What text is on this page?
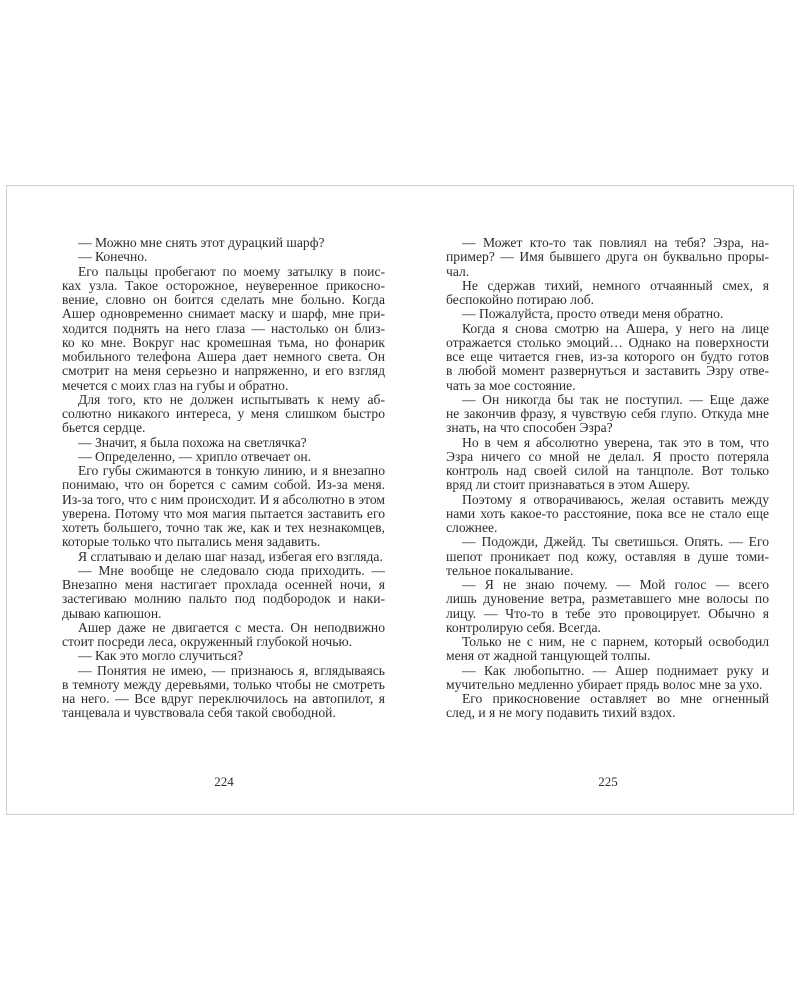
— Можно мне снять этот дурацкий шарф?
— Конечно.
Его пальцы пробегают по моему затылку в поис-
ках узла. Такое осторожное, неуверенное прикосно-
вение, словно он боится сделать мне больно. Когда
Ашер одновременно снимает маску и шарф, мне при-
ходится поднять на него глаза — настолько он близ-
ко ко мне. Вокруг нас кромешная тьма, но фонарик
мобильного телефона Ашера дает немного света. Он
смотрит на меня серьезно и напряженно, и его взгляд
мечется с моих глаз на губы и обратно.
Для того, кто не должен испытывать к нему аб-
солютно никакого интереса, у меня слишком быстро
бьется сердце.
— Значит, я была похожа на светлячка?
— Определенно, — хрипло отвечает он.
Его губы сжимаются в тонкую линию, и я внезапно
понимаю, что он борется с самим собой. Из-за меня.
Из-за того, что с ним происходит. И я абсолютно в этом
уверена. Потому что моя магия пытается заставить его
хотеть большего, точно так же, как и тех незнакомцев,
которые только что пытались меня задавить.
Я сглатываю и делаю шаг назад, избегая его взгляда.
— Мне вообще не следовало сюда приходить. —
Внезапно меня настигает прохлада осенней ночи, я
застегиваю молнию пальто под подбородок и наки-
дываю капюшон.
Ашер даже не двигается с места. Он неподвижно
стоит посреди леса, окруженный глубокой ночью.
— Как это могло случиться?
— Понятия не имею, — признаюсь я, вглядываясь
в темноту между деревьями, только чтобы не смотреть
на него. — Все вдруг переключилось на автопилот, я
танцевала и чувствовала себя такой свободной.
— Может кто-то так повлиял на тебя? Эзра, на-
пример? — Имя бывшего друга он буквально проры-
чал.
Не сдержав тихий, немного отчаянный смех, я
беспокойно потираю лоб.
— Пожалуйста, просто отведи меня обратно.
Когда я снова смотрю на Ашера, у него на лице
отражается столько эмоций… Однако на поверхности
все еще читается гнев, из-за которого он будто готов
в любой момент развернуться и заставить Эзру отве-
чать за мое состояние.
— Он никогда бы так не поступил. — Еще даже
не закончив фразу, я чувствую себя глупо. Откуда мне
знать, на что способен Эзра?
Но в чем я абсолютно уверена, так это в том, что
Эзра ничего со мной не делал. Я просто потеряла
контроль над своей силой на танцполе. Вот только
вряд ли стоит признаваться в этом Ашеру.
Поэтому я отворачиваюсь, желая оставить между
нами хоть какое-то расстояние, пока все не стало еще
сложнее.
— Подожди, Джейд. Ты светишься. Опять. — Его
шепот проникает под кожу, оставляя в душе томи-
тельное покалывание.
— Я не знаю почему. — Мой голос — всего
лишь дуновение ветра, разметавшего мне волосы по
лицу. — Что-то в тебе это провоцирует. Обычно я
контролирую себя. Всегда.
Только не с ним, не с парнем, который освободил
меня от жадной танцующей толпы.
— Как любопытно. — Ашер поднимает руку и
мучительно медленно убирает прядь волос мне за ухо.
Его прикосновение оставляет во мне огненный
след, и я не могу подавить тихий вздох.
224	225
